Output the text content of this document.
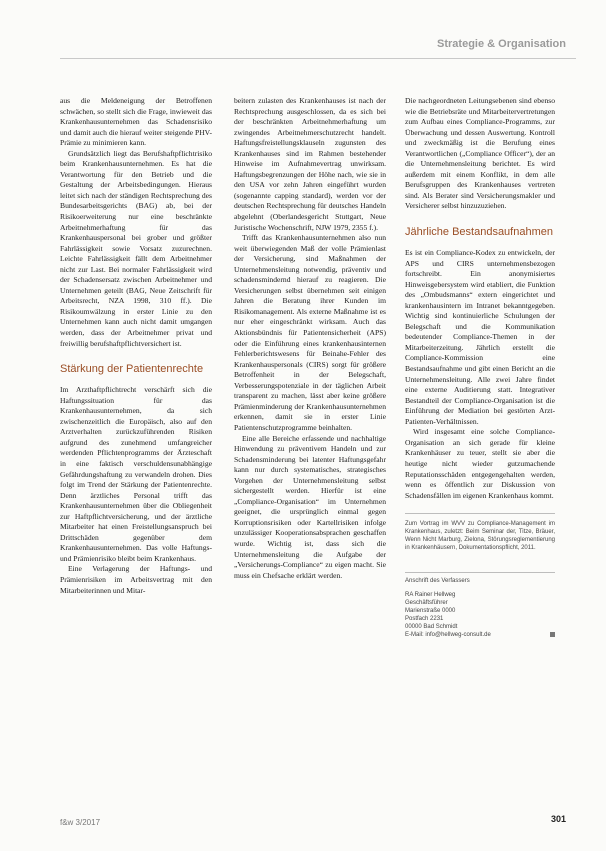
Strategie & Organisation

aus die Meldeneigung der Betroffenen schwächen, so stellt sich die Frage, inwieweit das Krankenhausunternehmen das Schadensrisiko und damit auch die hierauf weiter steigende PHV-Prämie zu minimieren kann.

Grundsätzlich liegt das Berufshaftpflichtrisiko beim Krankenhausunternehmen. Es hat die Verantwortung für den Betrieb und die Gestaltung der Arbeitsbedingungen. Hieraus leitet sich nach der ständigen Rechtsprechung des Bundesarbeitsgerichts (BAG) ab, bei der Risikoerweiterung nur eine beschränkte Arbeitnehmerhaftung für das Krankenhauspersonal bei grober und größter Fahrlässigkeit sowie Vorsatz zuzurechnen. Leichte Fahrlässigkeit fällt dem Arbeitnehmer nicht zur Last. Bei normaler Fahrlässigkeit wird der Schadensersatz zwischen Arbeitnehmer und Unternehmen geteilt (BAG, Neue Zeitschrift für Arbeitsrecht, NZA 1998, 310 ff.). Die Risikoumwälzung in erster Linie zu den Unternehmen kann auch nicht damit umgangen werden, dass der Arbeitnehmer privat und freiwillig berufshaftpflichtversichert ist.

Stärkung der Patientenrechte

Im Arzthaftpflichtrecht verschärft sich die Haftungssituation für das Krankenhausunternehmen, da sich zwischenzeitlich die Europäisch, also auf den Arztverhalten zurückzuführenden Risiken aufgrund des zunehmend umfangreicher werdenden Pflichtenprogramms der Ärzteschaft in eine faktisch verschuldensunabhängige Gefährdungshaftung zu verwandeln drohen. Dies folgt im Trend der Stärkung der Patientenrechte. Denn ärztliches Personal trifft das Krankenhausunternehmen über die Obliegenheit zur Haftpflichtversicherung, und der ärztliche Mitarbeiter hat einen Freistellungsanspruch bei Drittschäden gegenüber dem Krankenhausunternehmen. Das volle Haftungs- und Prämienrisiko bleibt beim Krankenhaus.

Eine Verlagerung der Haftungs- und Prämienrisiken im Arbeitsvertrag mit den Mitarbeiterinnen und Mitar-

beitern zulasten des Krankenhauses ist nach der Rechtsprechung ausgeschlossen, da es sich bei der beschränkten Arbeitnehmerhaftung um zwingendes Arbeitnehmerschutzrecht handelt. Haftungsfreistellungsklauseln zugunsten des Krankenhauses sind im Rahmen bestehender Hinweise im Aufnahmevertrag unwirksam. Haftungsbegrenzungen der Höhe nach, wie sie in den USA vor zehn Jahren eingeführt wurden (sogenannte capping standard), werden vor der deutschen Rechtsprechung für deutsches Handeln abgelehnt (Oberlandesgericht Stuttgart, Neue Juristische Wochenschrift, NJW 1979, 2355 f.).

Trifft das Krankenhausunternehmen also nun weit überwiegenden Maß der volle Prämienlast der Versicherung, sind Maßnahmen der Unternehmensleitung notwendig, präventiv und schadensmindernd hierauf zu reagieren. Die Versicherungen selbst übernehmen seit einigen Jahren die Beratung ihrer Kunden im Risikomanagement. Als externe Maßnahme ist es nur eher eingeschränkt wirksam. Auch das Aktionsbündnis für Patientensicherheit (APS) oder die Einführung eines krankenhausinternen Fehlerberichtswesens für Beinahe-Fehler des Krankenhauspersonals (CIRS) sorgt für größere Betroffenheit in der Belegschaft, Verbesserungspotenziale in der täglichen Arbeit transparent zu machen, lässt aber keine größere Prämienminderung der Krankenhausunternehmen erkennen, damit sie in erster Linie Patientenschutzprogramme beinhalten.

Eine alle Bereiche erfassende und nachhaltige Hinwendung zu präventivem Handeln und zur Schadensminderung bei latenter Haftungsgefahr kann nur durch systematisches, strategisches Vorgehen der Unternehmensleitung selbst sichergestellt werden. Hierfür ist eine „Compliance-Organisation“ im Unternehmen geeignet, die ursprünglich einmal gegen Korruptionsrisiken oder Kartellrisiken infolge unzulässiger Kooperationsabsprachen geschaffen wurde. Wichtig ist, dass sich die Unternehmensleitung die Aufgabe der „Versicherungs-Compliance“ zu eigen macht. Sie muss ein Chefsache erklärt werden.

Die nachgeordneten Leitungsebenen sind ebenso wie die Betriebsräte und Mitarbeitervertretungen zum Aufbau eines Compliance-Programms, zur Überwachung und dessen Auswertung. Kontroll und zweckmäßig ist die Berufung eines Verantwortlichen („Compliance Officer“), der an die Unternehmensleitung berichtet. Es wird außerdem mit einem Konflikt, in dem alle Berufsgruppen des Krankenhauses vertreten sind. Als Berater sind Versicherungsmakler und Versicherer selbst hinzuzuziehen.

Jährliche Bestandsaufnahmen

Es ist ein Compliance-Kodex zu entwickeln, der APS und CIRS unternehmensbezogen fortschreibt. Ein anonymisiertes Hinweisgebersystem wird etabliert, die Funktion des „Ombudsmanns“ extern eingerichtet und krankenhausintern im Intranet bekanntgegeben. Wichtig sind kontinuierliche Schulungen der Belegschaft und die Kommunikation bedeutender Compliance-Themen in der Mitarbeiterzeitung. Jährlich erstellt die Compliance-Kommission eine Bestandsaufnahme und gibt einen Bericht an die Unternehmensleitung. Alle zwei Jahre findet eine externe Auditierung statt. Integrativer Bestandteil der Compliance-Organisation ist die Einführung der Mediation bei gestörten Arzt-Patienten-Verhältnissen.

Wird insgesamt eine solche Compliance-Organisation an sich gerade für kleine Krankenhäuser zu teuer, stellt sie aber die heutige nicht wieder gutzumachende Reputationsschäden entgegengehalten werden, wenn es öffentlich zur Diskussion von Schadensfällen im eigenen Krankenhaus kommt.

Zum Vortrag im WVV zu Compliance-Management im Krankenhaus, zuletzt: Beim Seminar der, Titze, Bräuer, Wenn Nicht Marburg, Zielona, Störungsreglementierung in Krankenhäusern, Dokumentationspflicht, 2011.
Anschrift des Verfassers
RA Rainer Hellweg
Geschäftsführer
Marienstraße 0000
Postfach 2231
00000 Bad Schmidt
E-Mail: info@hellweg-consult.de
f&w 3/2017	301
